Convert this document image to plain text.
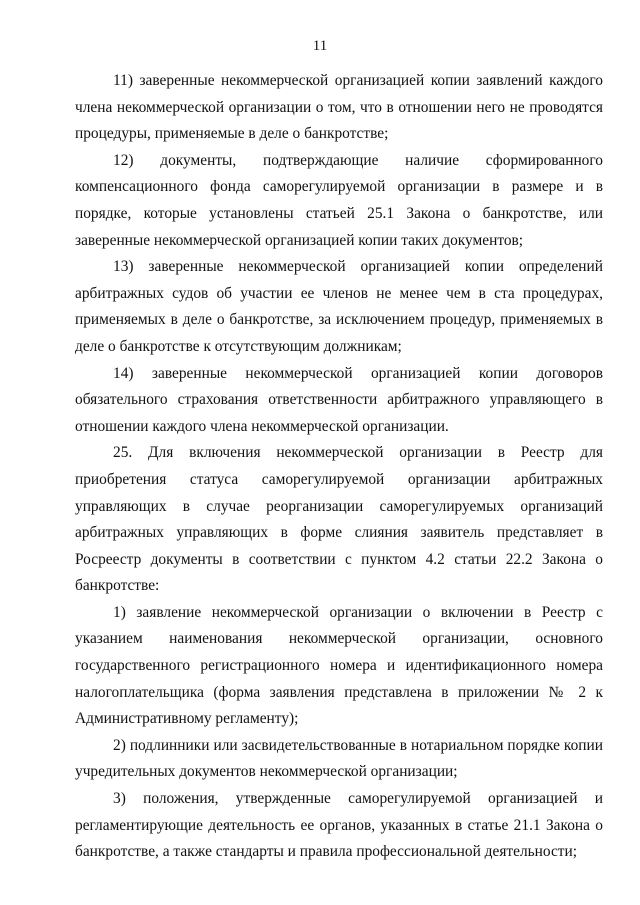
11

11) заверенные некоммерческой организацией копии заявлений каждого члена некоммерческой организации о том, что в отношении него не проводятся процедуры, применяемые в деле о банкротстве;

12) документы, подтверждающие наличие сформированного компенсационного фонда саморегулируемой организации в размере и в порядке, которые установлены статьей 25.1 Закона о банкротстве, или заверенные некоммерческой организацией копии таких документов;

13) заверенные некоммерческой организацией копии определений арбитражных судов об участии ее членов не менее чем в ста процедурах, применяемых в деле о банкротстве, за исключением процедур, применяемых в деле о банкротстве к отсутствующим должникам;

14) заверенные некоммерческой организацией копии договоров обязательного страхования ответственности арбитражного управляющего в отношении каждого члена некоммерческой организации.

25. Для включения некоммерческой организации в Реестр для приобретения статуса саморегулируемой организации арбитражных управляющих в случае реорганизации саморегулируемых организаций арбитражных управляющих в форме слияния заявитель представляет в Росреестр документы в соответствии с пунктом 4.2 статьи 22.2 Закона о банкротстве:

1) заявление некоммерческой организации о включении в Реестр с указанием наименования некоммерческой организации, основного государственного регистрационного номера и идентификационного номера налогоплательщика (форма заявления представлена в приложении № 2 к Административному регламенту);

2) подлинники или засвидетельствованные в нотариальном порядке копии учредительных документов некоммерческой организации;

3) положения, утвержденные саморегулируемой организацией и регламентирующие деятельность ее органов, указанных в статье 21.1 Закона о банкротстве, а также стандарты и правила профессиональной деятельности;
